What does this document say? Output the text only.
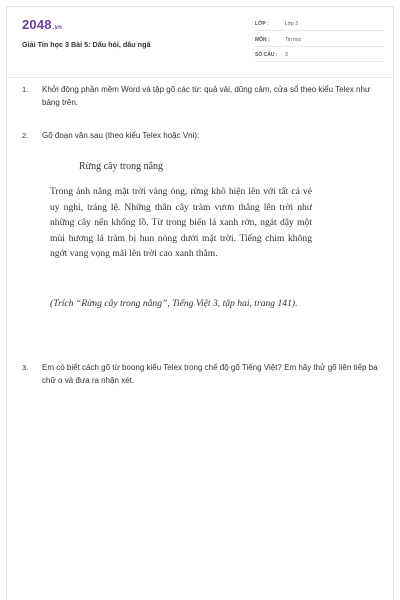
2048.vn
Giải Tin học 3 Bài 5: Dấu hỏi, dấu ngã
LỚP :	Lớp 3
MÔN :	Tin học
SỐ CÂU : 3
1.	Khởi động phần mềm Word và tập gõ các từ: quả vải, dũng cảm, cửa sổ theo kiểu Telex như bảng trên.
2.	Gõ đoạn văn sau (theo kiểu Telex hoặc Vni):
Rừng cây trong nắng
Trong ánh nắng mặt trời vàng óng, rừng khô hiện lên với tất cả vẻ uy nghi, tráng lệ. Những thân cây tràm vươn thẳng lên trời như những cây nến khổng lồ. Từ trong biển lá xanh rờn, ngát dậy một mùi hương lá tràm bị hun nóng dưới mặt trời. Tiếng chim không ngớt vang vọng mãi lên trời cao xanh thẳm.
(Trích “Rừng cây trong nắng”, Tiếng Việt 3, tập hai, trang 141).
3.	Em có biết cách gõ từ boong kiểu Telex trong chế độ gõ Tiếng Việt? Em hãy thử gõ liên tiếp ba chữ o và đưa ra nhận xét.
